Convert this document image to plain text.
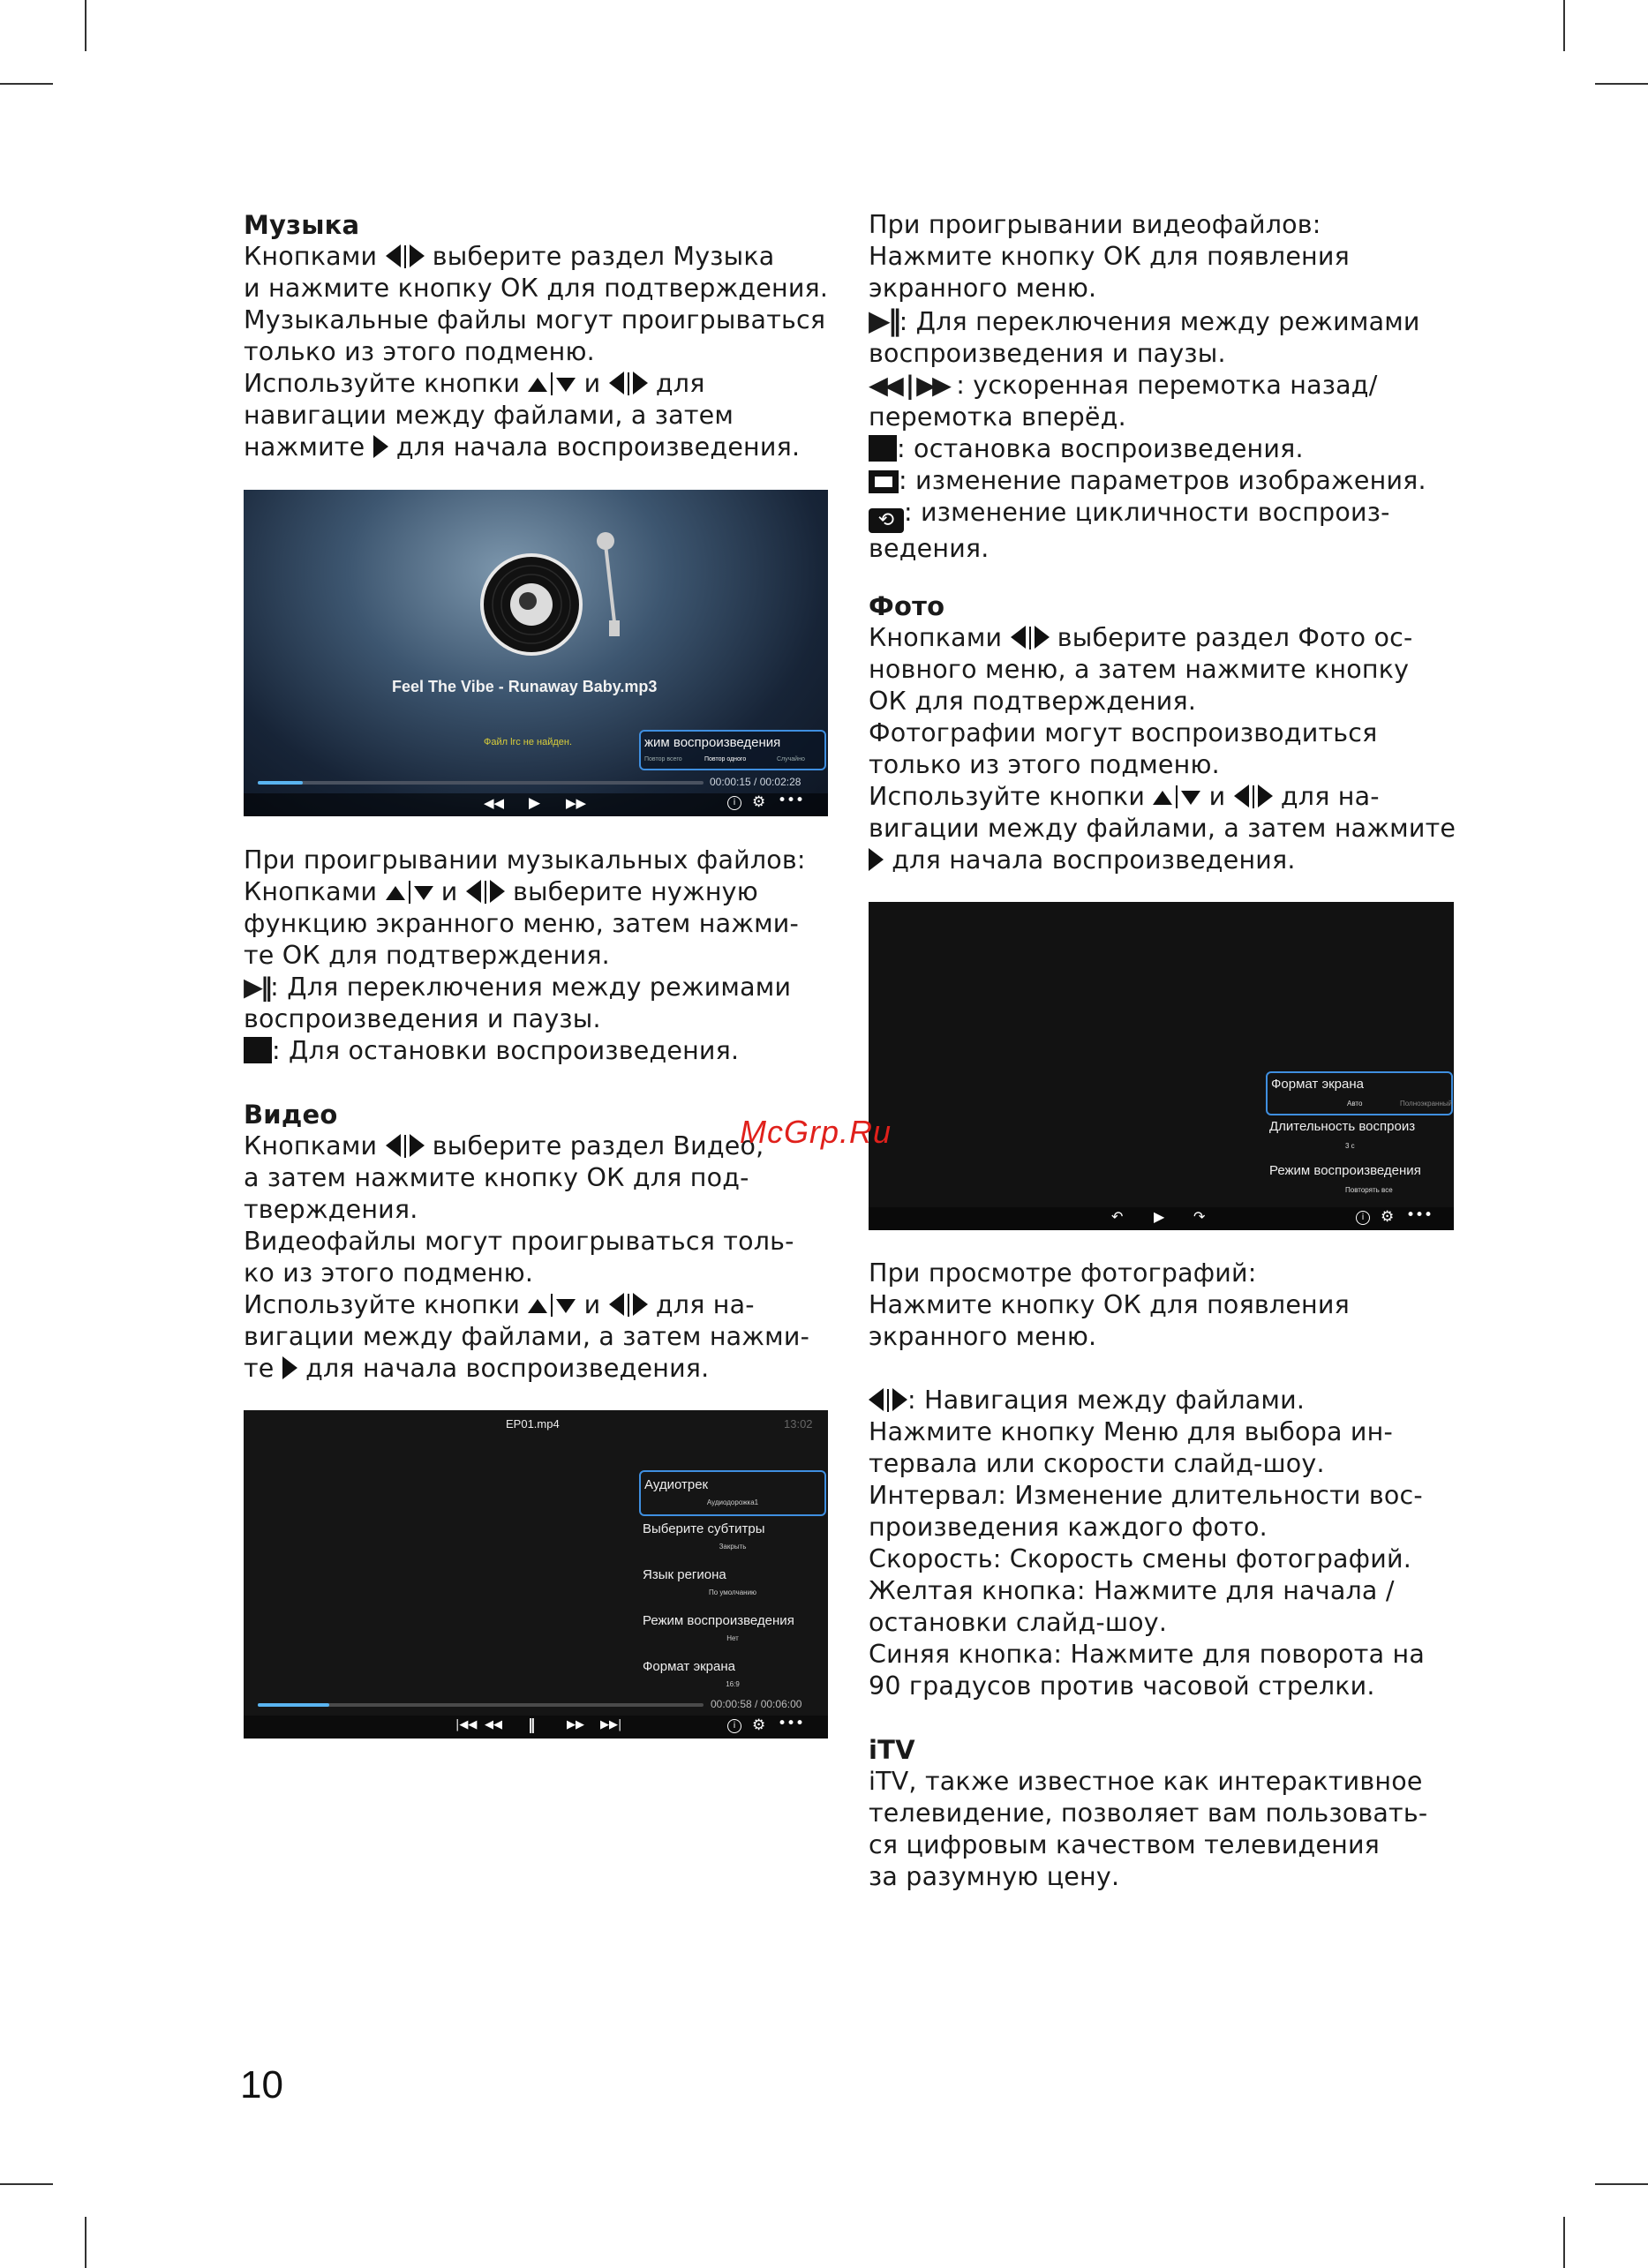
Музыка

Кнопками выберите раздел Музыка

и нажмите кнопку ОК для подтверждения.

Музыкальные файлы могут проигрываться

только из этого подменю.

Используйте кнопки	и для

навигации между файлами, а затем

нажмите для начала воспроизведения.

Feel The Vibe - Runaway Baby.mp3
Файл lrc не найден.	жим воспроизведения
Повтор всего	Повтор одного	Случайно
00:00:15 / 00:02:28
◀◀ ▶ ▶▶	i	⚙ •••

При проигрывании музыкальных файлов:

Кнопками	и выберите нужную

функцию экранного меню, затем нажми-

те ОК для подтверждения.

▶‖: Для переключения между режимами

воспроизведения и паузы.

: Для остановки воспроизведения.

Видео

Кнопками выберите раздел Видео,

а затем нажмите кнопку ОК для под-

тверждения.

Видеофайлы могут проигрываться толь-

ко из этого подменю.

Используйте кнопки	и для на-

вигации между файлами, а затем нажми-

те для начала воспроизведения.

EP01.mp4	13:02
Аудиотрек
Аудиодорожка1
Выберите субтитры
Закрыть
Язык региона
По умолчанию
Режим воспроизведения
Нет
Формат экрана
16:9
00:00:58 / 00:06:00
|◀◀ ◀◀ ‖	▶▶ ▶▶|	i	⚙ •••

При проигрывании видеофайлов:

Нажмите кнопку ОК для появления

экранного меню.

▶‖: Для переключения между режимами

воспроизведения и паузы.

◀◀ | ▶▶ : ускоренная перемотка назад/

перемотка вперёд.

: остановка воспроизведения.

: изменение параметров изображения.

⟲ : изменение цикличности воспроиз-

ведения.

Фото

Кнопками выберите раздел Фото ос-

новного меню, а затем нажмите кнопку

ОК для подтверждения.

Фотографии могут воспроизводиться

только из этого подменю.

Используйте кнопки	и для на-

вигации между файлами, а затем нажмите

для начала воспроизведения.

Формат экрана
Авто	Полноэкранный
Длительность воспроиз
3 с
Режим воспроизведения
Повторять все
↶ ▶ ↷	i	⚙ •••

При просмотре фотографий:

Нажмите кнопку ОК для появления

экранного меню.

: Навигация между файлами.

Нажмите кнопку Меню для выбора ин-

тервала или скорости слайд-шоу.

Интервал: Изменение длительности вос-

произведения каждого фото.

Скорость: Скорость смены фотографий.

Желтая кнопка: Нажмите для начала /

остановки слайд-шоу.

Синяя кнопка: Нажмите для поворота на

90 градусов против часовой стрелки.

iTV

iTV, также известное как интерактивное

телевидение, позволяет вам пользовать-

ся цифровым качеством телевидения

за разумную цену.

McGrp.Ru
10
